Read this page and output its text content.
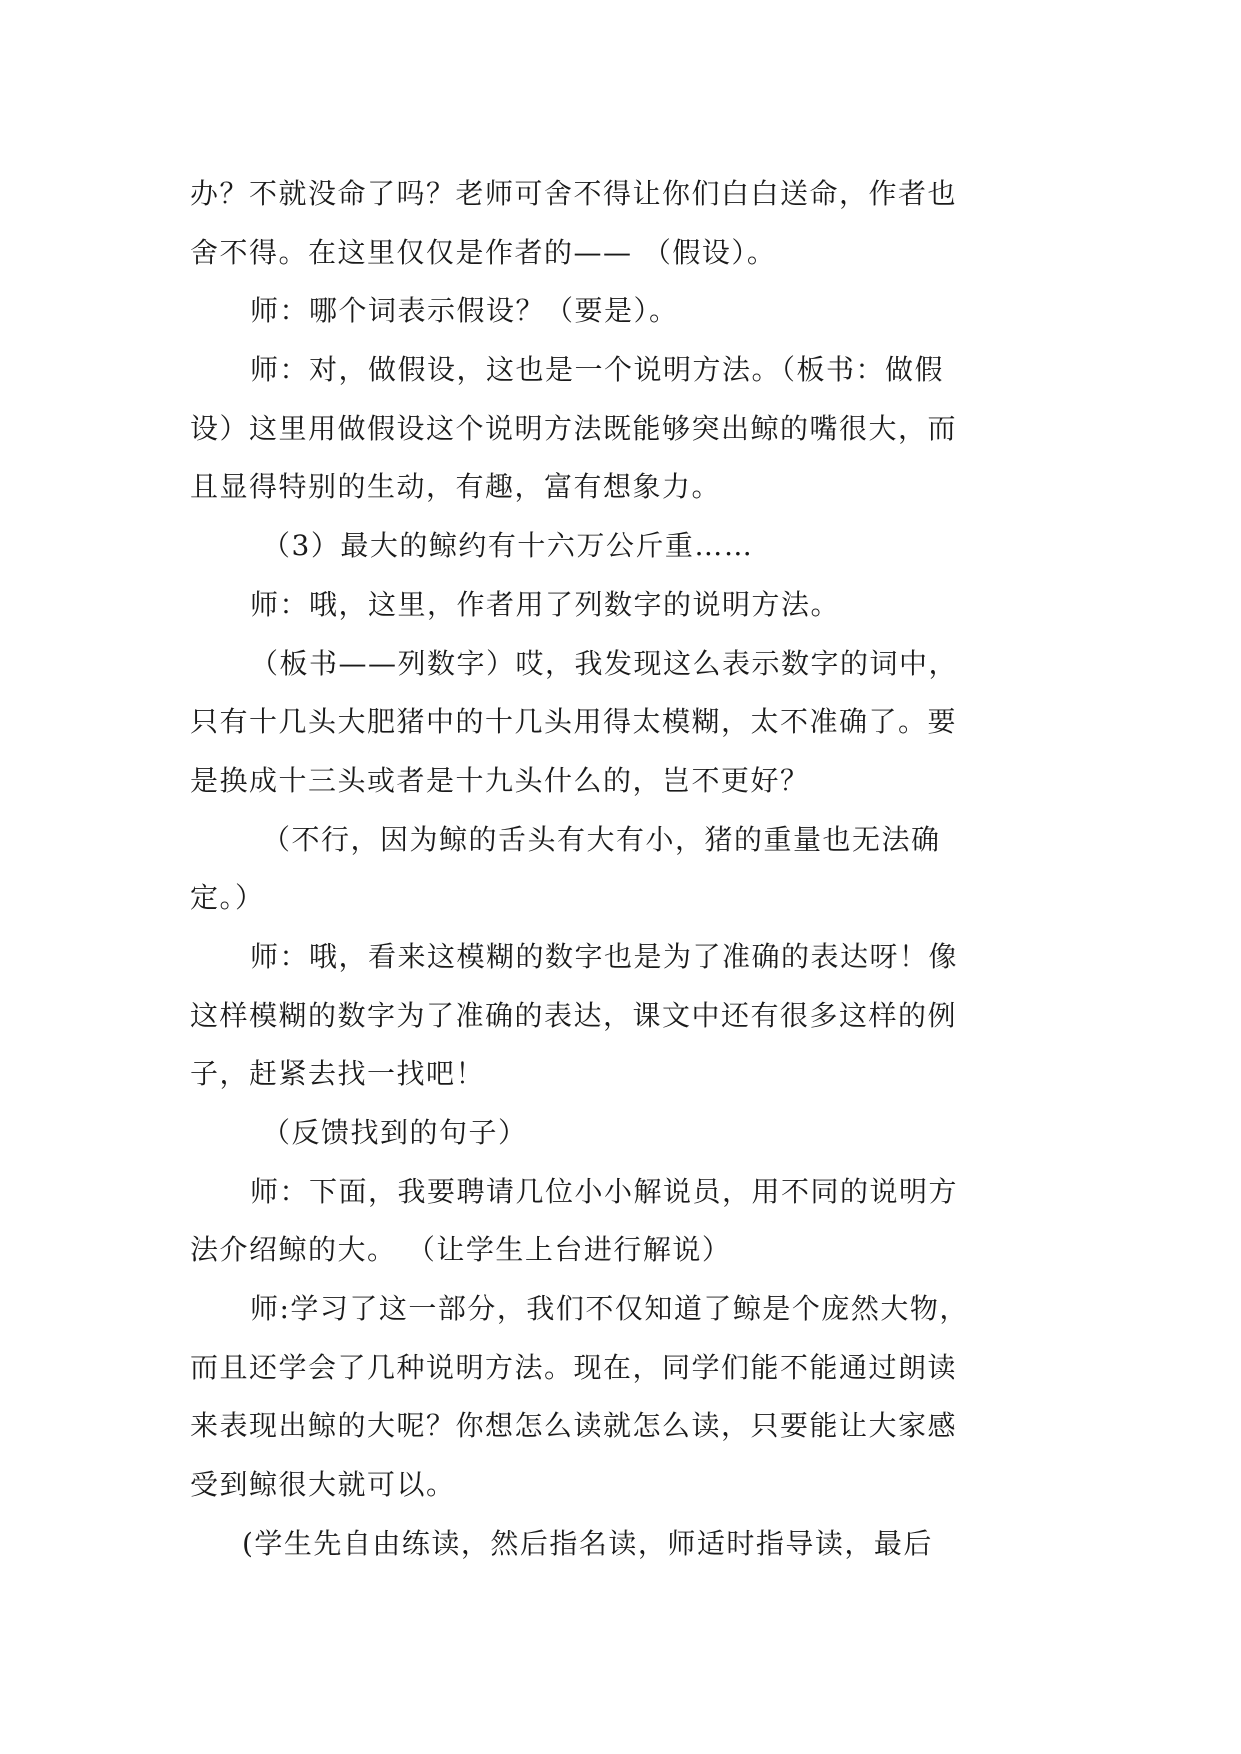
办？不就没命了吗？老师可舍不得让你们白白送命，作者也
舍不得。在这里仅仅是作者的—— （假设）。
师：哪个词表示假设？（要是）。
师：对，做假设，这也是一个说明方法。（板书：做假
设）这里用做假设这个说明方法既能够突出鲸的嘴很大，而
且显得特别的生动，有趣，富有想象力。
（3）最大的鲸约有十六万公斤重……
师：哦，这里，作者用了列数字的说明方法。
（板书——列数字）哎，我发现这么表示数字的词中，
只有十几头大肥猪中的十几头用得太模糊，太不准确了。要
是换成十三头或者是十九头什么的，岂不更好？
（不行，因为鲸的舌头有大有小，猪的重量也无法确
定。）
师：哦，看来这模糊的数字也是为了准确的表达呀！像
这样模糊的数字为了准确的表达，课文中还有很多这样的例
子，赶紧去找一找吧！
（反馈找到的句子）
师：下面，我要聘请几位小小解说员，用不同的说明方
法介绍鲸的大。 （让学生上台进行解说）
师:学习了这一部分，我们不仅知道了鲸是个庞然大物，
而且还学会了几种说明方法。现在，同学们能不能通过朗读
来表现出鲸的大呢？你想怎么读就怎么读，只要能让大家感
受到鲸很大就可以。
(学生先自由练读，然后指名读，师适时指导读，最后
